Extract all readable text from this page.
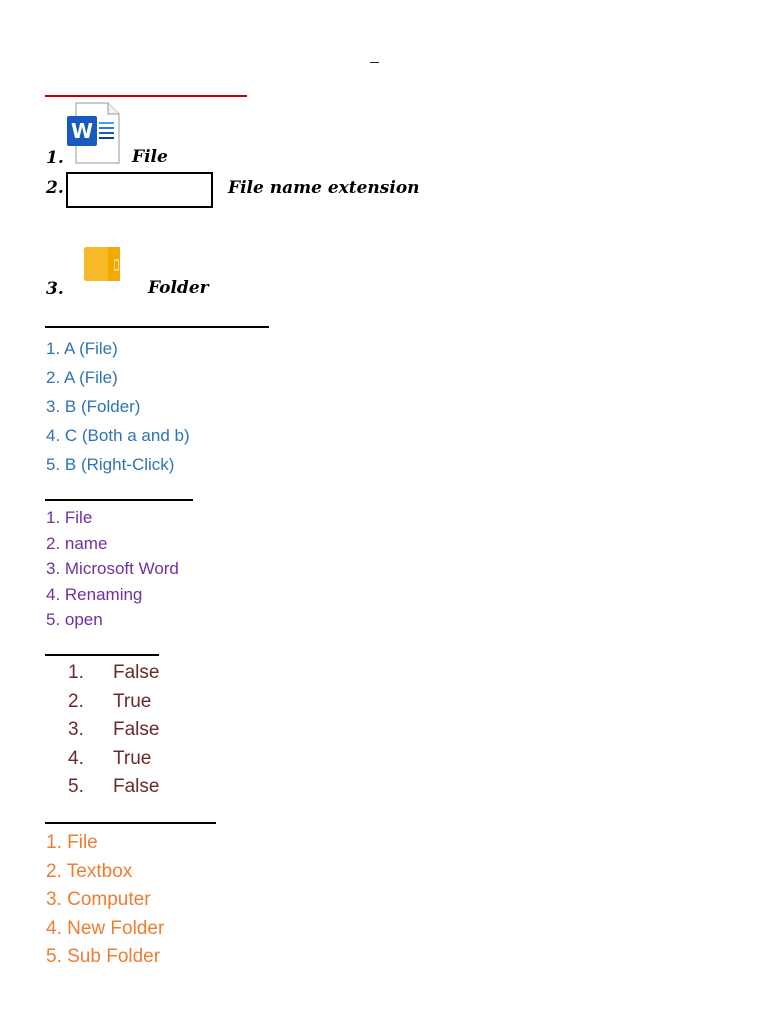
W
1.	File
2.	File name extension
3.	Folder
1. A (File)
2. A (File)
3. B (Folder)
4. C (Both a and b)
5. B (Right-Click)
1. File
2. name
3. Microsoft Word
4. Renaming
5. open
1.	False
2.	True
3.	False
4.	True
5.	False
1. File
2. Textbox
3. Computer
4. New Folder
5. Sub Folder
